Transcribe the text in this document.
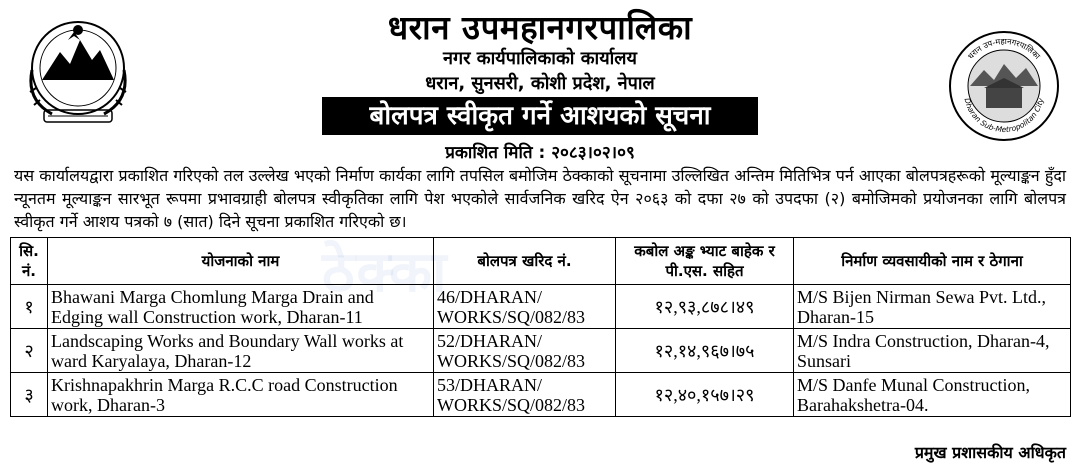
धरान उप-महानगरपालिका
Dharan Sub-Metropolitan City
धरान उपमहानगरपालिका
नगर कार्यपालिकाको कार्यालय
धरान, सुनसरी, कोशी प्रदेश, नेपाल
बोलपत्र स्वीकृत गर्ने आशयको सूचना
प्रकाशित मिति : २०८३।०२।०९

यस कार्यालयद्वारा प्रकाशित गरिएको तल उल्लेख भएको निर्माण कार्यका लागि तपसिल बमोजिम ठेक्काको सूचनामा उल्लिखित अन्तिम मितिभित्र पर्न आएका बोलपत्रहरूको मूल्याङ्कन हुँदा न्यूनतम मूल्याङ्कन सारभूत रूपमा प्रभावग्राही बोलपत्र स्वीकृतिका लागि पेश भएकोले सार्वजनिक खरिद ऐन २०६३ को दफा २७ को उपदफा (२) बमोजिमको प्रयोजनका लागि बोलपत्र स्वीकृत गर्ने आशय पत्रको ७ (सात) दिने सूचना प्रकाशित गरिएको छ।

ठेक्का
सि. नं.	योजनाको नाम	बोलपत्र खरिद नं.	कबोल अङ्क भ्याट बाहेक र पी.एस. सहित	निर्माण व्यवसायीको नाम र ठेगाना
१	Bhawani Marga Chomlung Marga Drain and Edging wall Construction work, Dharan-11	46/DHARAN/ WORKS/SQ/082/83	१२,९३,८७८।४९	M/S Bijen Nirman Sewa Pvt. Ltd., Dharan-15
२	Landscaping Works and Boundary Wall works at ward Karyalaya, Dharan-12	52/DHARAN/ WORKS/SQ/082/83	१२,१४,९६७।७५	M/S Indra Construction, Dharan-4, Sunsari
३	Krishnapakhrin Marga R.C.C road Construction work, Dharan-3	53/DHARAN/ WORKS/SQ/082/83	१२,४०,१५७।२९	M/S Danfe Munal Construction, Barahakshetra-04.
प्रमुख प्रशासकीय अधिकृत
